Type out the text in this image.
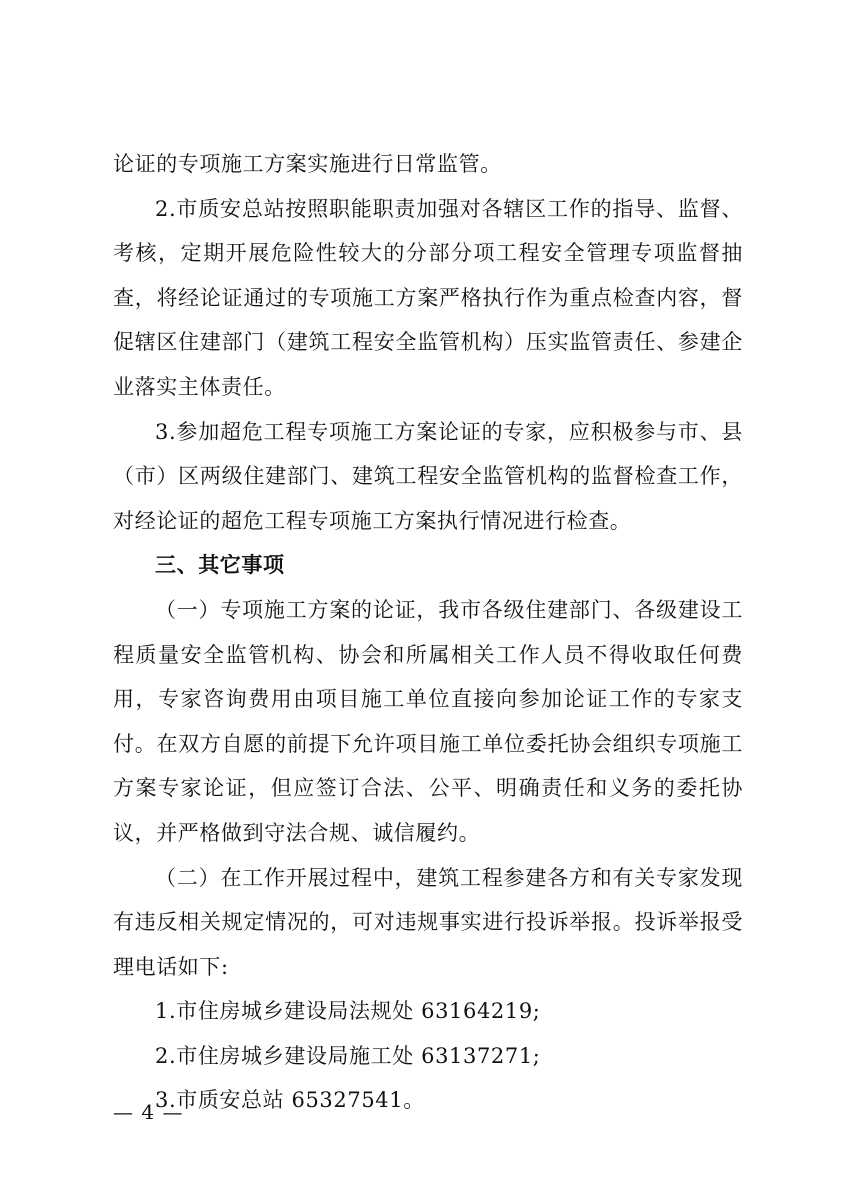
论证的专项施工方案实施进行日常监管。

2.市质安总站按照职能职责加强对各辖区工作的指导、监督、考核，定期开展危险性较大的分部分项工程安全管理专项监督抽查，将经论证通过的专项施工方案严格执行作为重点检查内容，督促辖区住建部门（建筑工程安全监管机构）压实监管责任、参建企业落实主体责任。

3.参加超危工程专项施工方案论证的专家，应积极参与市、县（市）区两级住建部门、建筑工程安全监管机构的监督检查工作，对经论证的超危工程专项施工方案执行情况进行检查。

三、其它事项

（一）专项施工方案的论证，我市各级住建部门、各级建设工程质量安全监管机构、协会和所属相关工作人员不得收取任何费用，专家咨询费用由项目施工单位直接向参加论证工作的专家支付。在双方自愿的前提下允许项目施工单位委托协会组织专项施工方案专家论证，但应签订合法、公平、明确责任和义务的委托协议，并严格做到守法合规、诚信履约。

（二）在工作开展过程中，建筑工程参建各方和有关专家发现有违反相关规定情况的，可对违规事实进行投诉举报。投诉举报受理电话如下:

1.市住房城乡建设局法规处 63164219;

2.市住房城乡建设局施工处 63137271;

3.市质安总站 65327541。

— 4 —
